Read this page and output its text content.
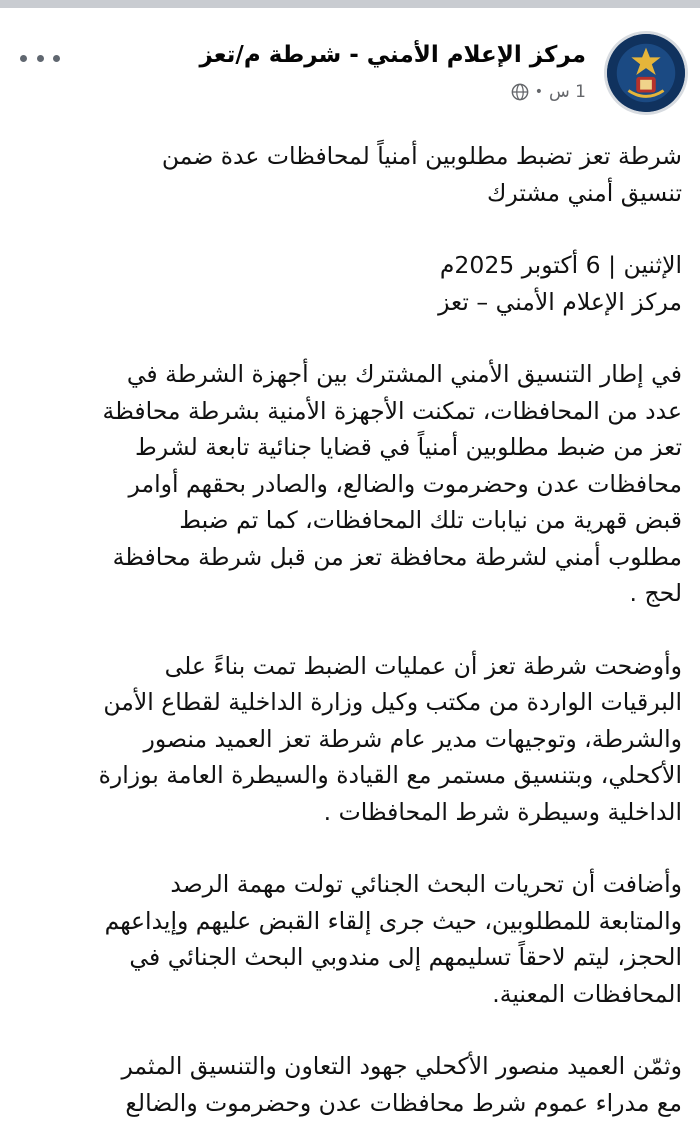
مركز الإعلام الأمني - شرطة م/تعز
1 س
•

شرطة تعز تضبط مطلوبين أمنياً لمحافظات عدة ضمن
تنسيق أمني مشترك

الإثنين | 6 أكتوبر 2025م
مركز الإعلام الأمني – تعز

في إطار التنسيق الأمني المشترك بين أجهزة الشرطة في
عدد من المحافظات، تمكنت الأجهزة الأمنية بشرطة محافظة
تعز من ضبط مطلوبين أمنياً في قضايا جنائية تابعة لشرط
محافظات عدن وحضرموت والضالع، والصادر بحقهم أوامر
قبض قهرية من نيابات تلك المحافظات، كما تم ضبط
مطلوب أمني لشرطة محافظة تعز من قبل شرطة محافظة
لحج .

وأوضحت شرطة تعز أن عمليات الضبط تمت بناءً على
البرقيات الواردة من مكتب وكيل وزارة الداخلية لقطاع الأمن
والشرطة، وتوجيهات مدير عام شرطة تعز العميد منصور
الأكحلي، وبتنسيق مستمر مع القيادة والسيطرة العامة بوزارة
الداخلية وسيطرة شرط المحافظات .

وأضافت أن تحريات البحث الجنائي تولت مهمة الرصد
والمتابعة للمطلوبين، حيث جرى إلقاء القبض عليهم وإيداعهم
الحجز، ليتم لاحقاً تسليمهم إلى مندوبي البحث الجنائي في
المحافظات المعنية.

وثمّن العميد منصور الأكحلي جهود التعاون والتنسيق المثمر
مع مدراء عموم شرط محافظات عدن وحضرموت والضالع
